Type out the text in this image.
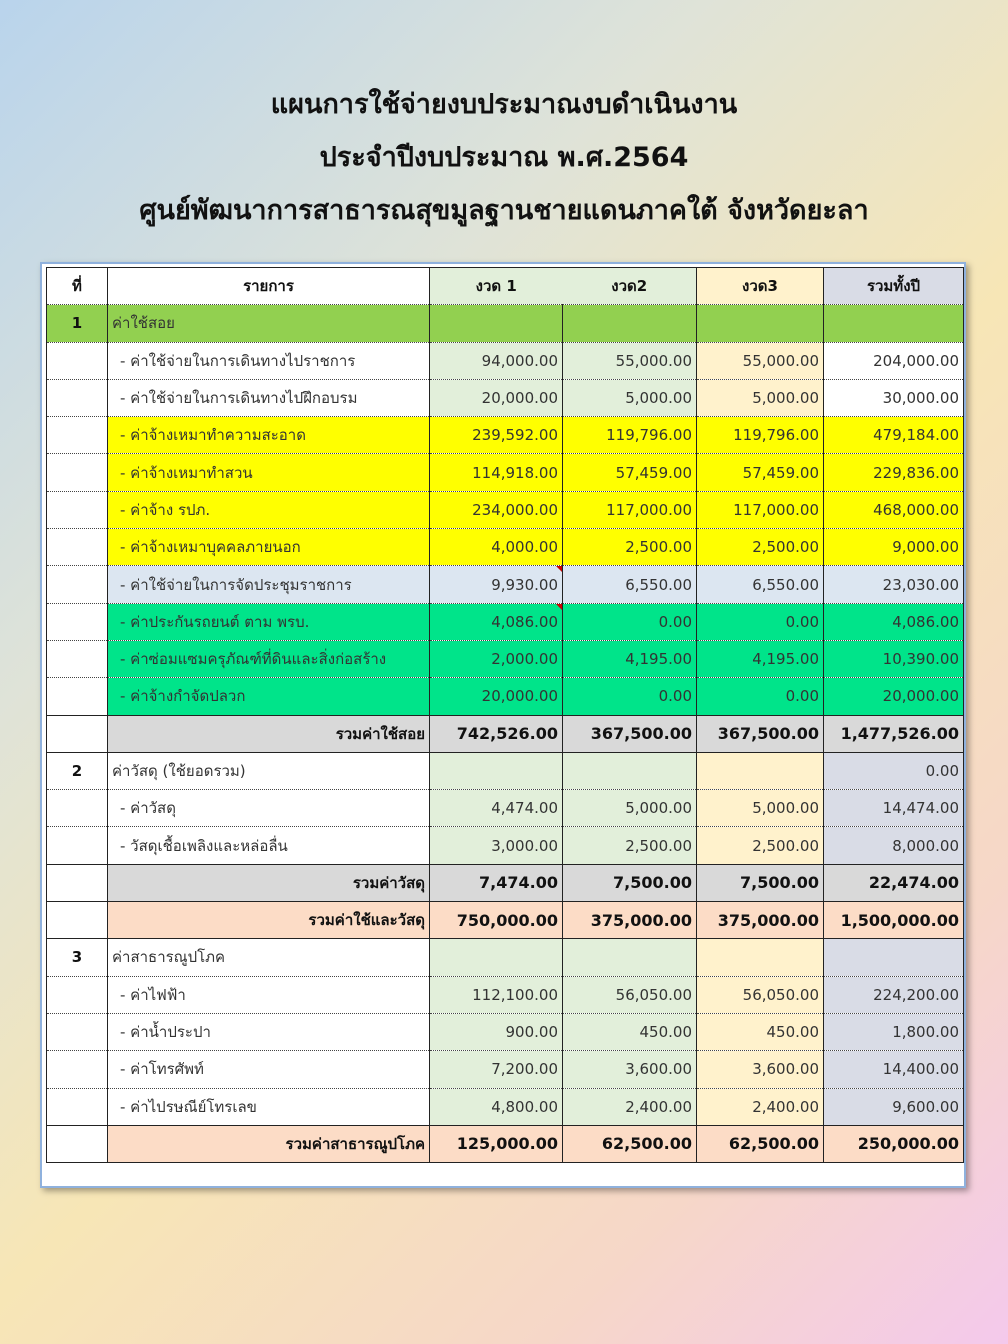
แผนการใช้จ่ายงบประมาณงบดำเนินงาน
ประจำปีงบประมาณ พ.ศ.2564
ศูนย์พัฒนาการสาธารณสุขมูลฐานชายแดนภาคใต้ จังหวัดยะลา
ที่	รายการ	งวด 1	งวด2	งวด3	รวมทั้งปี
1	ค่าใช้สอย				
	- ค่าใช้จ่ายในการเดินทางไปราชการ	94,000.00	55,000.00	55,000.00	204,000.00
	- ค่าใช้จ่ายในการเดินทางไปฝึกอบรม	20,000.00	5,000.00	5,000.00	30,000.00
	- ค่าจ้างเหมาทำความสะอาด	239,592.00	119,796.00	119,796.00	479,184.00
	- ค่าจ้างเหมาทำสวน	114,918.00	57,459.00	57,459.00	229,836.00
	- ค่าจ้าง รปภ.	234,000.00	117,000.00	117,000.00	468,000.00
	- ค่าจ้างเหมาบุคคลภายนอก	4,000.00	2,500.00	2,500.00	9,000.00
	- ค่าใช้จ่ายในการจัดประชุมราชการ	9,930.00	6,550.00	6,550.00	23,030.00
	- ค่าประกันรถยนต์ ตาม พรบ.	4,086.00	0.00	0.00	4,086.00
	- ค่าซ่อมแซมครุภัณฑ์ที่ดินและสิ่งก่อสร้าง	2,000.00	4,195.00	4,195.00	10,390.00
	- ค่าจ้างกำจัดปลวก	20,000.00	0.00	0.00	20,000.00
	รวมค่าใช้สอย	742,526.00	367,500.00	367,500.00	1,477,526.00
2	ค่าวัสดุ (ใช้ยอดรวม)				0.00
	- ค่าวัสดุ	4,474.00	5,000.00	5,000.00	14,474.00
	- วัสดุเชื้อเพลิงและหล่อลื่น	3,000.00	2,500.00	2,500.00	8,000.00
	รวมค่าวัสดุ	7,474.00	7,500.00	7,500.00	22,474.00
	รวมค่าใช้และวัสดุ	750,000.00	375,000.00	375,000.00	1,500,000.00
3	ค่าสาธารณูปโภค				
	- ค่าไฟฟ้า	112,100.00	56,050.00	56,050.00	224,200.00
	- ค่าน้ำประปา	900.00	450.00	450.00	1,800.00
	- ค่าโทรศัพท์	7,200.00	3,600.00	3,600.00	14,400.00
	- ค่าไปรษณีย์โทรเลข	4,800.00	2,400.00	2,400.00	9,600.00
	รวมค่าสาธารณูปโภค	125,000.00	62,500.00	62,500.00	250,000.00
